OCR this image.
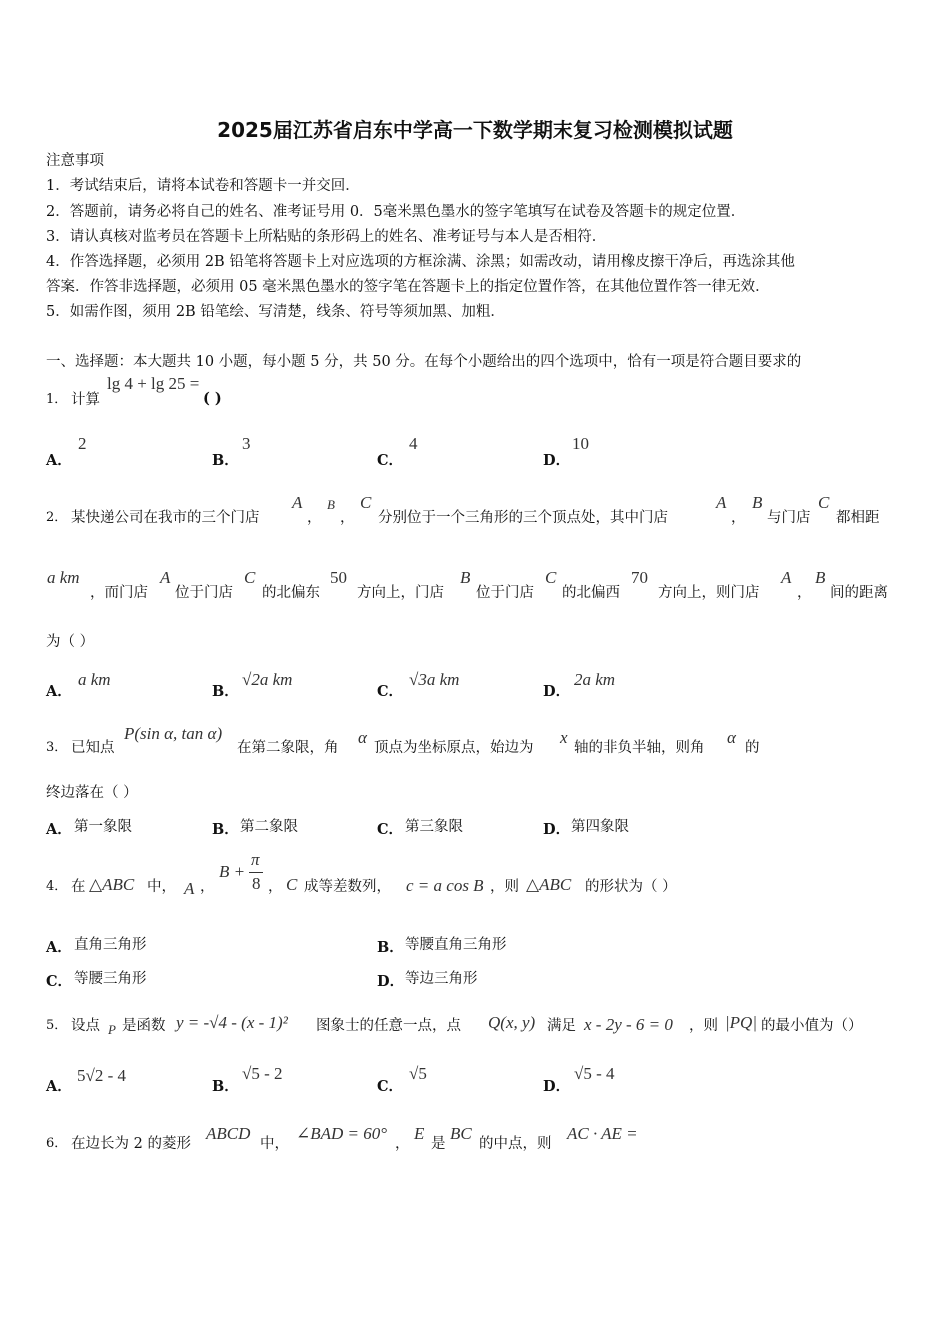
2025届江苏省启东中学高一下数学期末复习检测模拟试题
注意事项
1．考试结束后，请将本试卷和答题卡一并交回．
2．答题前，请务必将自己的姓名、准考证号用 0．5毫米黑色墨水的签字笔填写在试卷及答题卡的规定位置．
3．请认真核对监考员在答题卡上所粘贴的条形码上的姓名、准考证号与本人是否相符．
4．作答选择题，必须用 2B 铅笔将答题卡上对应选项的方框涂满、涂黑；如需改动，请用橡皮擦干净后，再选涂其他
答案．作答非选择题，必须用 05 毫米黑色墨水的签字笔在答题卡上的指定位置作答，在其他位置作答一律无效．
5．如需作图，须用 2B 铅笔绘、写清楚，线条、符号等须加黑、加粗．
一、选择题：本大题共 10 小题，每小题 5 分，共 50 分。在每个小题给出的四个选项中，恰有一项是符合题目要求的
1． 计算
lg 4 + lg 25 =
( )
A．
2
B．
3
C．
4
D．
10
2． 某快递公司在我市的三个门店
A
，
B
，
C
分别位于一个三角形的三个顶点处，其中门店
A
，
B
与门店
C
都相距
a km
，而门店
A
位于门店
C
的北偏东
50
方向上，门店
B
位于门店
C
的北偏西
70
方向上，则门店
A
，
B
间的距离
为（ ）
A．
a km
B．
√2a km
C．
√3a km
D．
2a km
3． 已知点
P(sin α, tan α)
在第二象限，角
α
顶点为坐标原点，始边为
x
轴的非负半轴，则角
α
的
终边落在（ ）
A． 第一象限	B． 第二象限	C． 第三象限	D． 第四象限
4． 在 △ABC 中， A ，
B +
π
8 ， C 成等差数列， c = a cos B ，则 △ABC 的形状为（ ）
A． 直角三角形	B． 等腰直角三角形
C． 等腰三角形	D． 等边三角形
5． 设点 P 是函数 y = -√4 - (x - 1)² 图象士的任意一点，点 Q(x, y) 满足 x - 2y - 6 = 0 ，则 |PQ| 的最小值为（）
A．
5√2 - 4
B．
√5 - 2
C．
√5
D．
√5 - 4
6． 在边长为 2 的菱形
ABCD
中，
∠BAD = 60°
，
E
是
BC
的中点，则
AC · AE =
